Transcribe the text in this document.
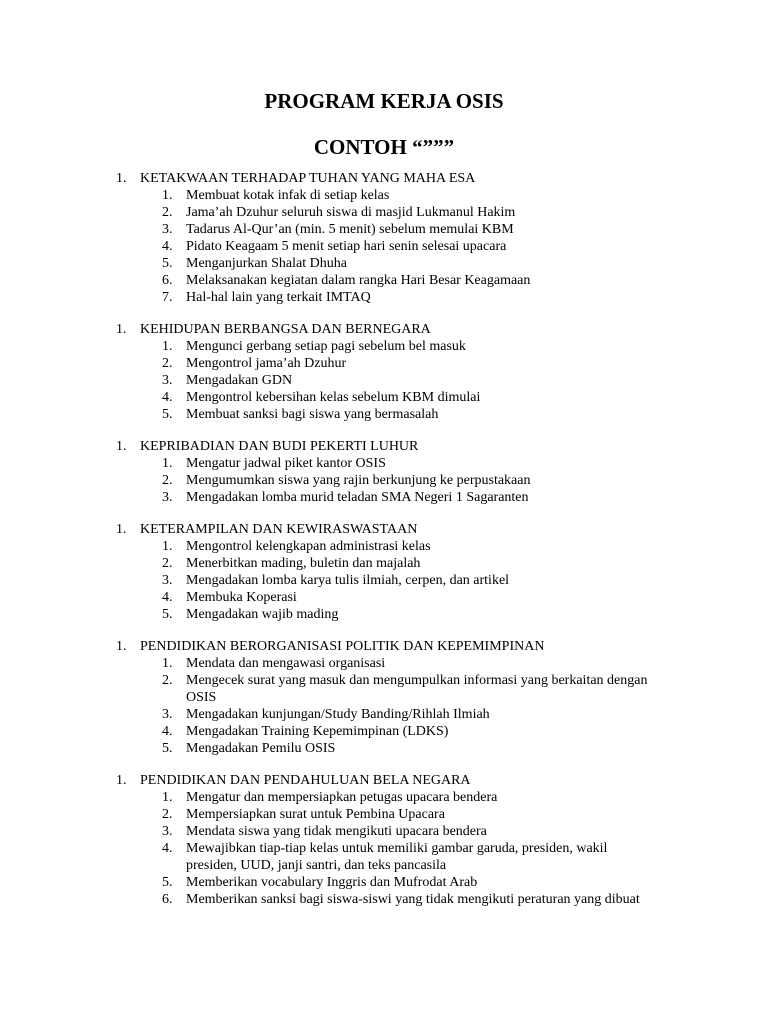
PROGRAM KERJA OSIS
CONTOH “”””
1. KETAKWAAN TERHADAP TUHAN YANG MAHA ESA
1. Membuat kotak infak di setiap kelas
2. Jama’ah Dzuhur seluruh siswa di masjid Lukmanul Hakim
3. Tadarus Al-Qur’an (min. 5 menit) sebelum memulai KBM
4. Pidato Keagaam 5 menit setiap hari senin selesai upacara
5. Menganjurkan Shalat Dhuha
6. Melaksanakan kegiatan dalam rangka Hari Besar Keagamaan
7. Hal-hal lain yang terkait IMTAQ
1. KEHIDUPAN BERBANGSA DAN BERNEGARA
1. Mengunci gerbang setiap pagi sebelum bel masuk
2. Mengontrol jama’ah Dzuhur
3. Mengadakan GDN
4. Mengontrol kebersihan kelas sebelum KBM dimulai
5. Membuat sanksi bagi siswa yang bermasalah
1. KEPRIBADIAN DAN BUDI PEKERTI LUHUR
1. Mengatur jadwal piket kantor OSIS
2. Mengumumkan siswa yang rajin berkunjung ke perpustakaan
3. Mengadakan lomba murid teladan SMA Negeri 1 Sagaranten
1. KETERAMPILAN DAN KEWIRASWASTAAN
1. Mengontrol kelengkapan administrasi kelas
2. Menerbitkan mading, buletin dan majalah
3. Mengadakan lomba karya tulis ilmiah, cerpen, dan artikel
4. Membuka Koperasi
5. Mengadakan wajib mading
1. PENDIDIKAN BERORGANISASI POLITIK DAN KEPEMIMPINAN
1. Mendata dan mengawasi organisasi
2. Mengecek surat yang masuk dan mengumpulkan informasi yang berkaitan dengan OSIS
3. Mengadakan kunjungan/Study Banding/Rihlah Ilmiah
4. Mengadakan Training Kepemimpinan (LDKS)
5. Mengadakan Pemilu OSIS
1. PENDIDIKAN DAN PENDAHULUAN BELA NEGARA
1. Mengatur dan mempersiapkan petugas upacara bendera
2. Mempersiapkan surat untuk Pembina Upacara
3. Mendata siswa yang tidak mengikuti upacara bendera
4. Mewajibkan tiap-tiap kelas untuk memiliki gambar garuda, presiden, wakil presiden, UUD, janji santri, dan teks pancasila
5. Memberikan vocabulary Inggris dan Mufrodat Arab
6. Memberikan sanksi bagi siswa-siswi yang tidak mengikuti peraturan yang dibuat
